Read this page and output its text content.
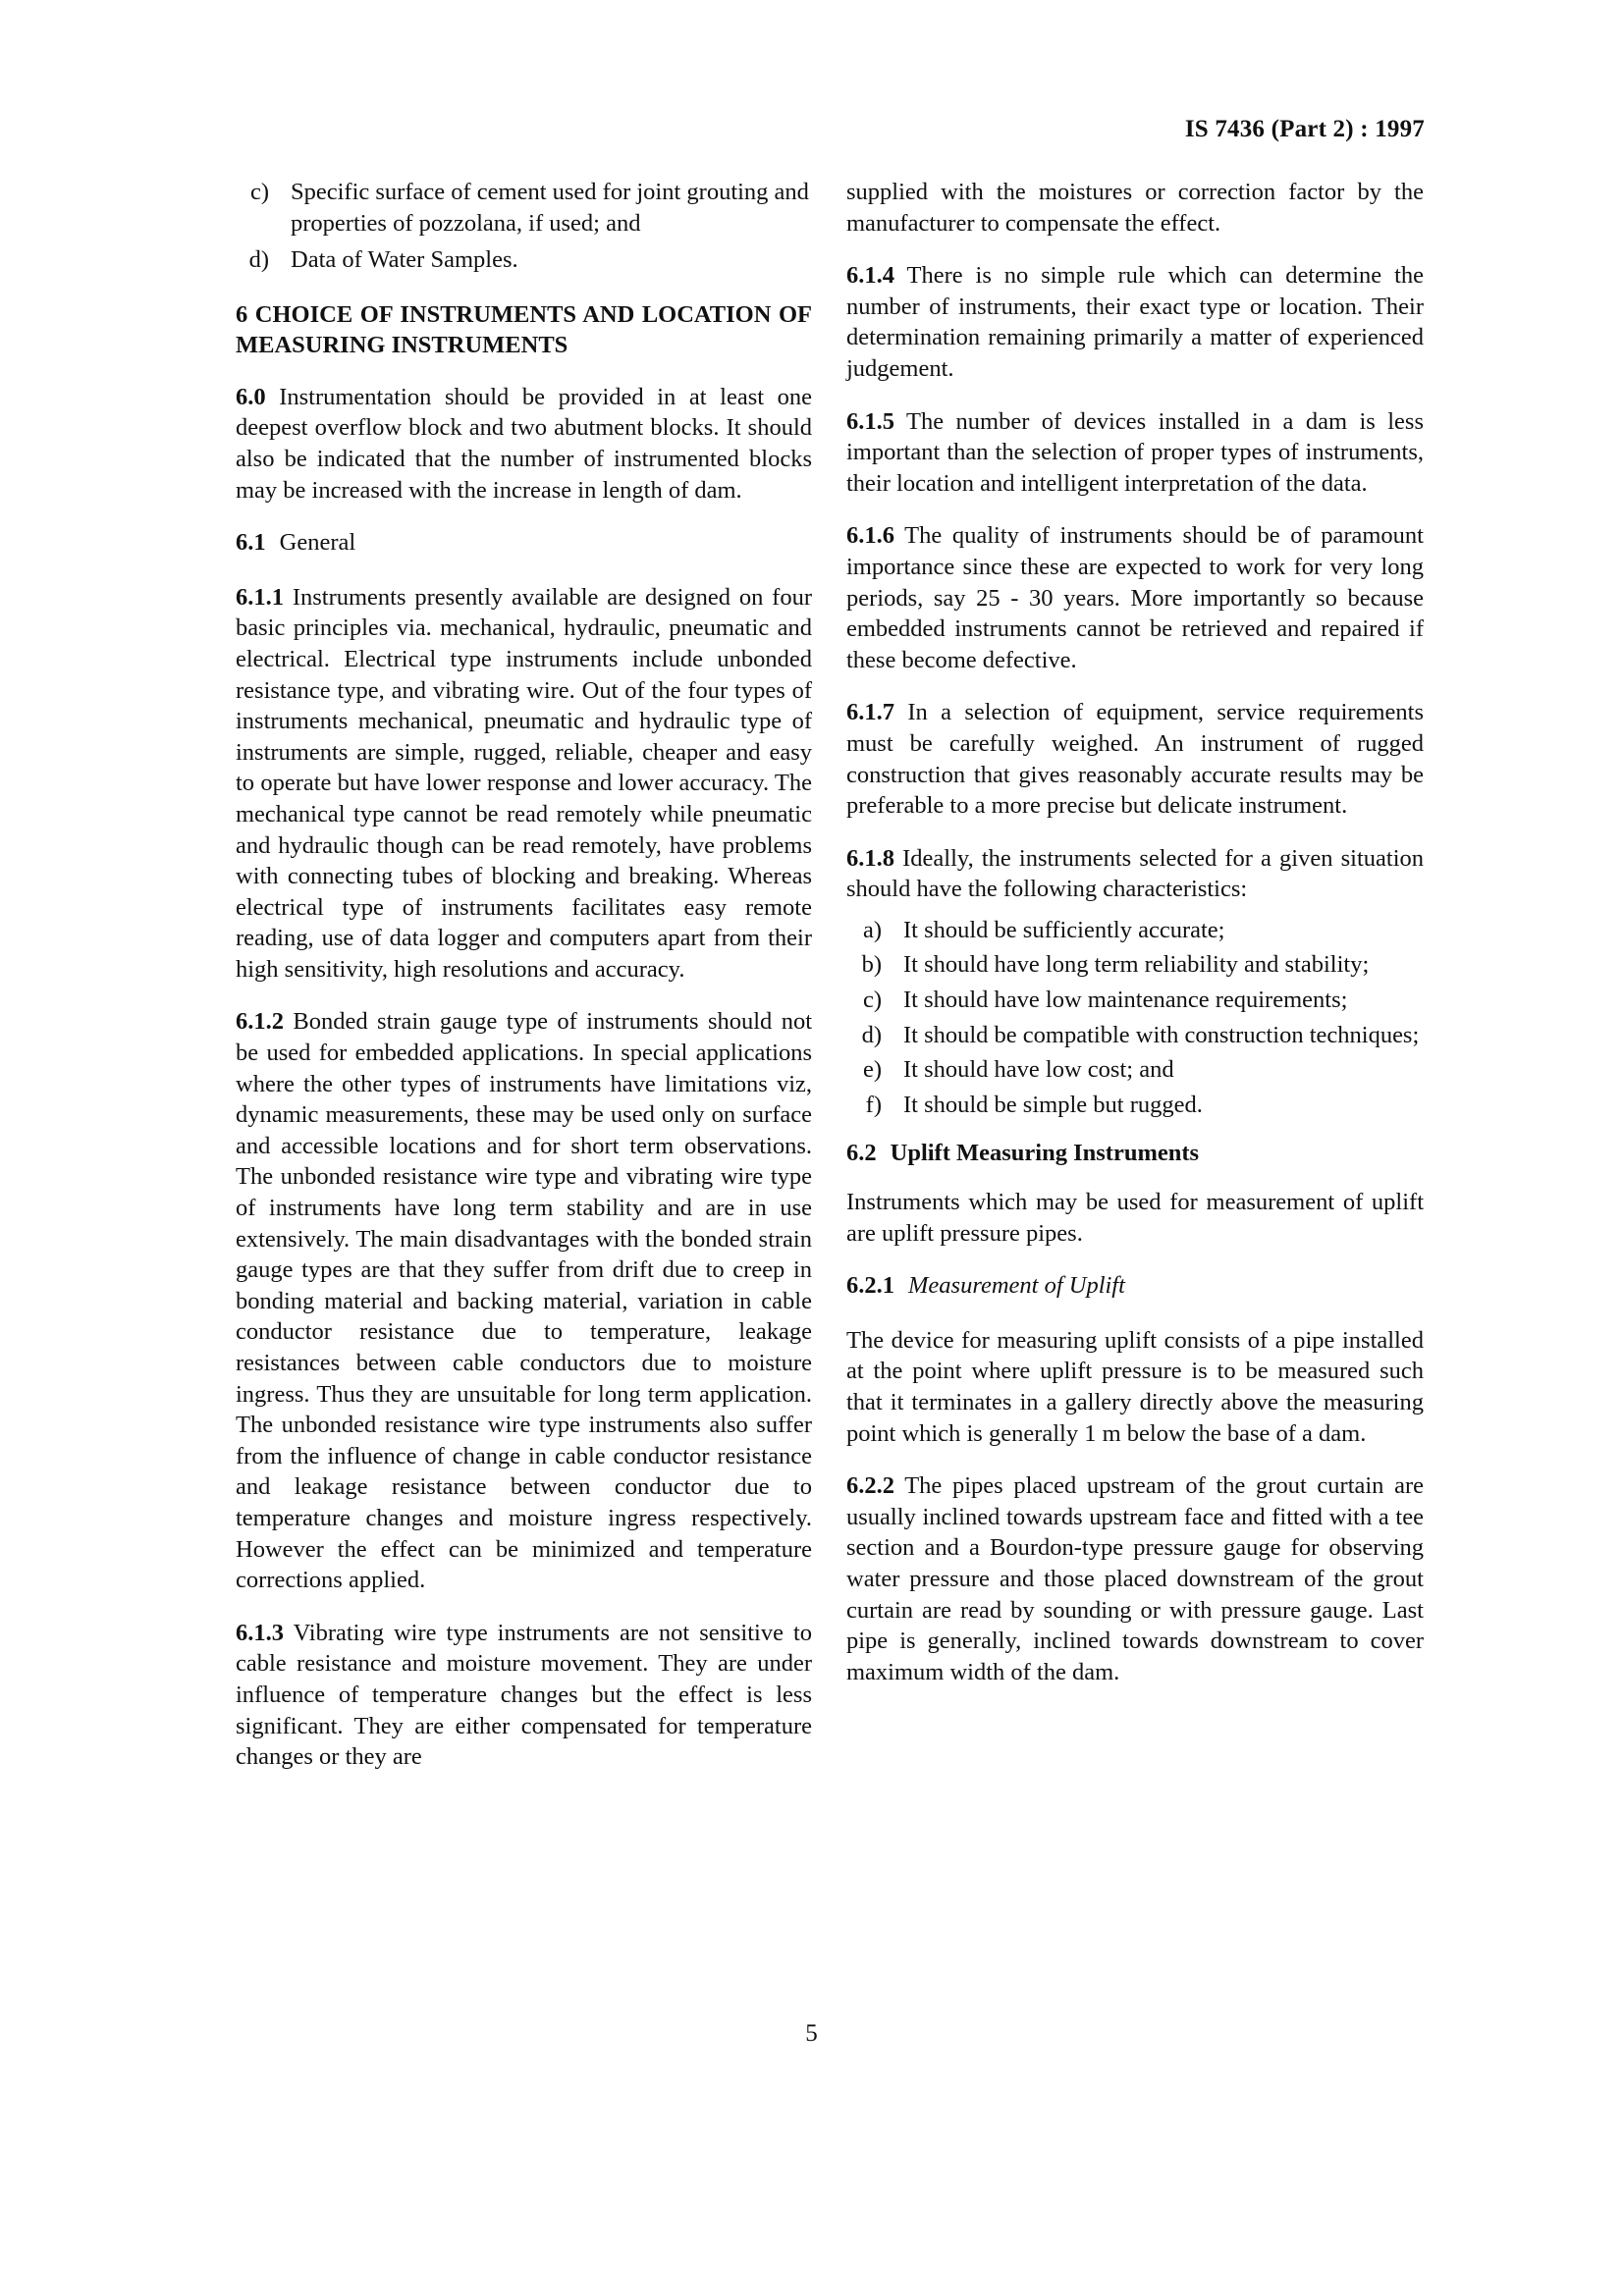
IS 7436 (Part 2) : 1997
c) Specific surface of cement used for joint grouting and properties of pozzolana, if used; and
d) Data of Water Samples.
6 CHOICE OF INSTRUMENTS AND LOCATION OF MEASURING INSTRUMENTS

6.0 Instrumentation should be provided in at least one deepest overflow block and two abutment blocks. It should also be indicated that the number of instrumented blocks may be increased with the increase in length of dam.

6.1 General

6.1.1 Instruments presently available are designed on four basic principles via. mechanical, hydraulic, pneumatic and electrical. Electrical type instruments include unbonded resistance type, and vibrating wire. Out of the four types of instruments mechanical, pneumatic and hydraulic type of instruments are simple, rugged, reliable, cheaper and easy to operate but have lower response and lower accuracy. The mechanical type cannot be read remotely while pneumatic and hydraulic though can be read remotely, have problems with connecting tubes of blocking and breaking. Whereas electrical type of instruments facilitates easy remote reading, use of data logger and computers apart from their high sensitivity, high resolutions and accuracy.

6.1.2 Bonded strain gauge type of instruments should not be used for embedded applications. In special applications where the other types of instruments have limitations viz, dynamic measurements, these may be used only on surface and accessible locations and for short term observations. The unbonded resistance wire type and vibrating wire type of instruments have long term stability and are in use extensively. The main disadvantages with the bonded strain gauge types are that they suffer from drift due to creep in bonding material and backing material, variation in cable conductor resistance due to temperature, leakage resistances between cable conductors due to moisture ingress. Thus they are unsuitable for long term application. The unbonded resistance wire type instruments also suffer from the influence of change in cable conductor resistance and leakage resistance between conductor due to temperature changes and moisture ingress respectively. However the effect can be minimized and temperature corrections applied.

6.1.3 Vibrating wire type instruments are not sensitive to cable resistance and moisture movement. They are under influence of temperature changes but the effect is less significant. They are either compensated for temperature changes or they are

supplied with the moistures or correction factor by the manufacturer to compensate the effect.

6.1.4 There is no simple rule which can determine the number of instruments, their exact type or location. Their determination remaining primarily a matter of experienced judgement.

6.1.5 The number of devices installed in a dam is less important than the selection of proper types of instruments, their location and intelligent interpretation of the data.

6.1.6 The quality of instruments should be of paramount importance since these are expected to work for very long periods, say 25 - 30 years. More importantly so because embedded instruments cannot be retrieved and repaired if these become defective.

6.1.7 In a selection of equipment, service requirements must be carefully weighed. An instrument of rugged construction that gives reasonably accurate results may be preferable to a more precise but delicate instrument.

6.1.8 Ideally, the instruments selected for a given situation should have the following characteristics:

a) It should be sufficiently accurate;
b) It should have long term reliability and stability;
c) It should have low maintenance requirements;
d) It should be compatible with construction techniques;
e) It should have low cost; and
f) It should be simple but rugged.
6.2 Uplift Measuring Instruments

Instruments which may be used for measurement of uplift are uplift pressure pipes.

6.2.1 Measurement of Uplift

The device for measuring uplift consists of a pipe installed at the point where uplift pressure is to be measured such that it terminates in a gallery directly above the measuring point which is generally 1 m below the base of a dam.

6.2.2 The pipes placed upstream of the grout curtain are usually inclined towards upstream face and fitted with a tee section and a Bourdon-type pressure gauge for observing water pressure and those placed downstream of the grout curtain are read by sounding or with pressure gauge. Last pipe is generally, inclined towards downstream to cover maximum width of the dam.

5
